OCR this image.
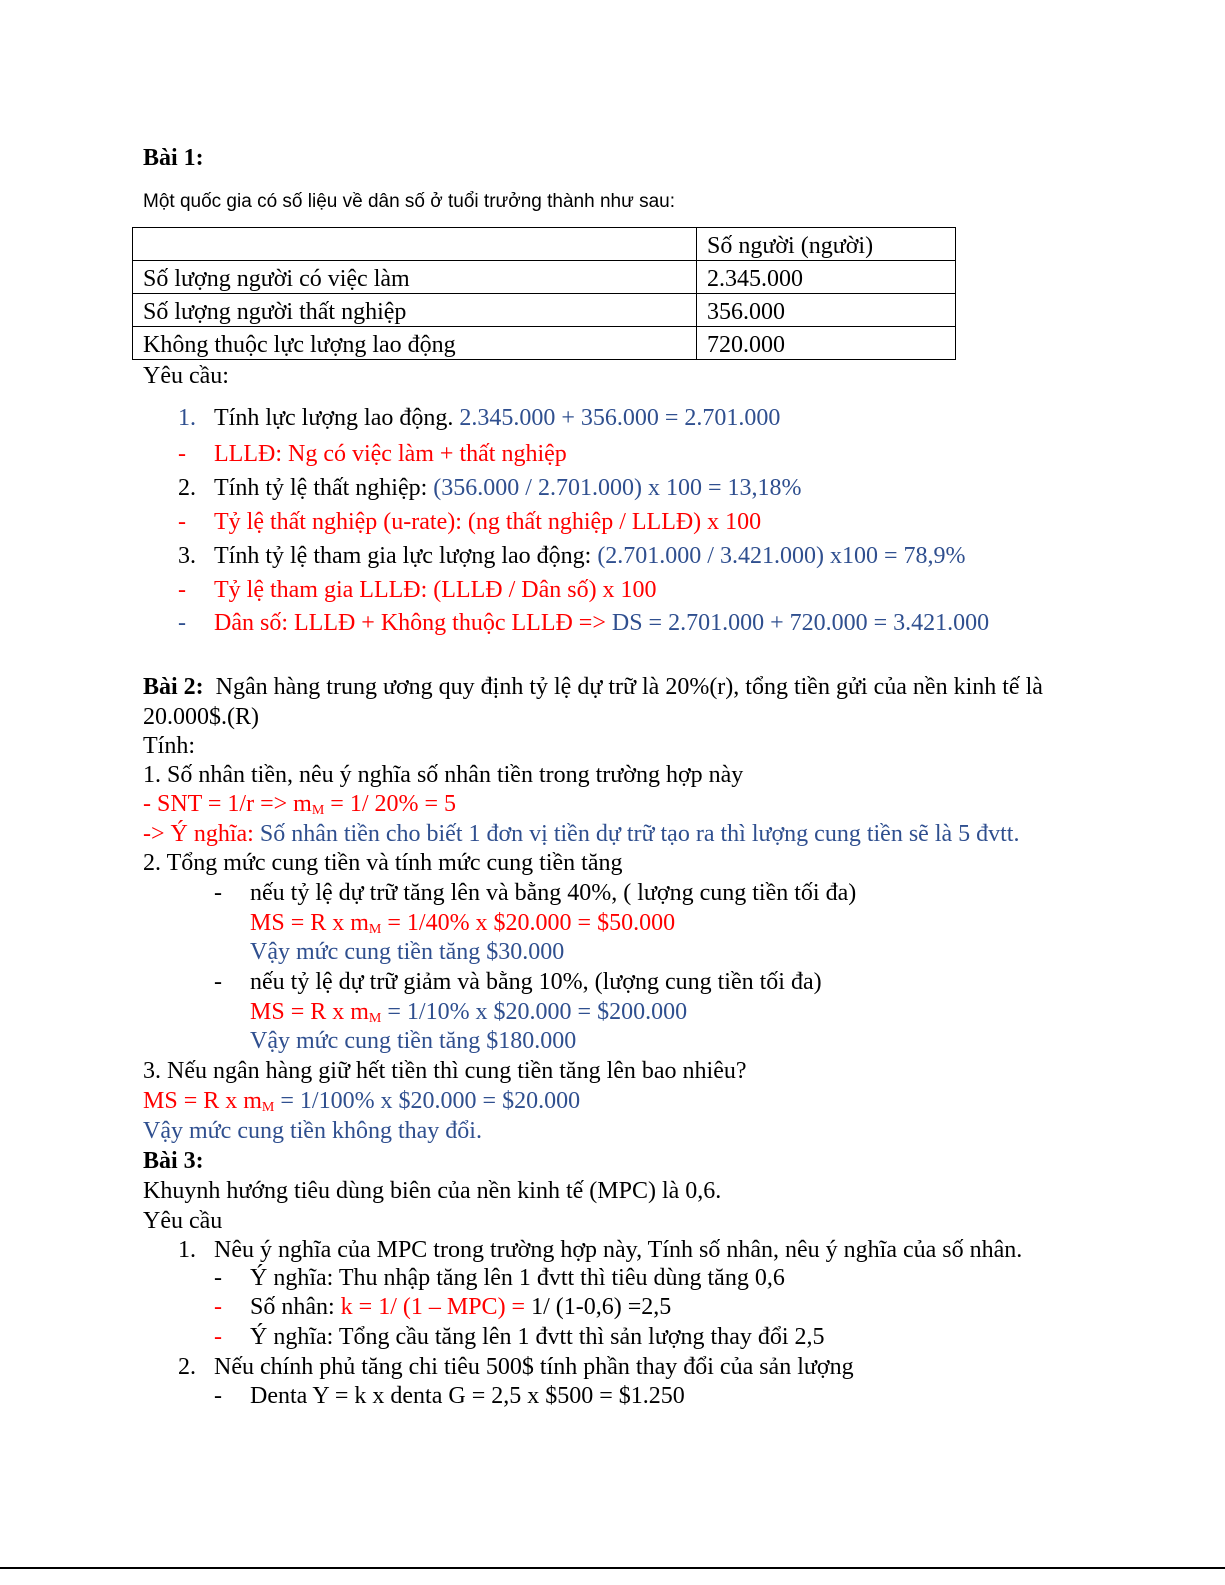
Bài 1:
Một quốc gia có số liệu về dân số ở tuổi trưởng thành như sau:
	Số người (người)
Số lượng người có việc làm	2.345.000
Số lượng người thất nghiệp	356.000
Không thuộc lực lượng lao động	720.000
Yêu cầu:
1. Tính lực lượng lao động. 2.345.000 + 356.000 = 2.701.000
- LLLĐ: Ng có việc làm + thất nghiệp
2. Tính tỷ lệ thất nghiệp: (356.000 / 2.701.000) x 100 = 13,18%
- Tỷ lệ thất nghiệp (u-rate): (ng thất nghiệp / LLLĐ) x 100
3. Tính tỷ lệ tham gia lực lượng lao động: (2.701.000 / 3.421.000) x100 = 78,9%
- Tỷ lệ tham gia LLLĐ: (LLLĐ / Dân số) x 100
- Dân số: LLLĐ + Không thuộc LLLĐ => DS = 2.701.000 + 720.000 = 3.421.000
Bài 2: Ngân hàng trung ương quy định tỷ lệ dự trữ là 20%(r), tổng tiền gửi của nền kinh tế là
20.000$.(R)
Tính:
1. Số nhân tiền, nêu ý nghĩa số nhân tiền trong trường hợp này
- SNT = $1/r => m_M = 1/$ 20% = 5
-> Ý nghĩa: Số nhân tiền cho biết 1 đơn vị tiền dự trữ tạo ra thì lượng cung tiền sẽ là 5 đvtt.
2. Tổng mức cung tiền và tính mức cung tiền tăng
- nếu tỷ lệ dự trữ tăng lên và bằng 40%, ( lượng cung tiền tối đa)
MS = R x $m_M = 1/40\%$ x $20.000 = $50.000
Vậy mức cung tiền tăng $30.000
- nếu tỷ lệ dự trữ giảm và bằng 10%, (lượng cung tiền tối đa)
MS = R x $m_M = 1/10\%$ x $20.000 = $200.000
Vậy mức cung tiền tăng $180.000
3. Nếu ngân hàng giữ hết tiền thì cung tiền tăng lên bao nhiêu?
MS = R x $m_M = 1/100\%$ x $20.000 = $20.000
Vậy mức cung tiền không thay đổi.
Bài 3:
Khuynh hướng tiêu dùng biên của nền kinh tế (MPC) là 0,6.
Yêu cầu
1. Nêu ý nghĩa của MPC trong trường hợp này, Tính số nhân, nêu ý nghĩa của số nhân.
- Ý nghĩa: Thu nhập tăng lên 1 đvtt thì tiêu dùng tăng 0,6
- Số nhân: k = 1/ (1 – MPC) = 1/ (1-0,6) =2,5
- Ý nghĩa: Tổng cầu tăng lên 1 đvtt thì sản lượng thay đổi 2,5
2. Nếu chính phủ tăng chi tiêu 500$ tính phần thay đổi của sản lượng
- Denta Y = k x denta G = 2,5 x $500 = $1.250
